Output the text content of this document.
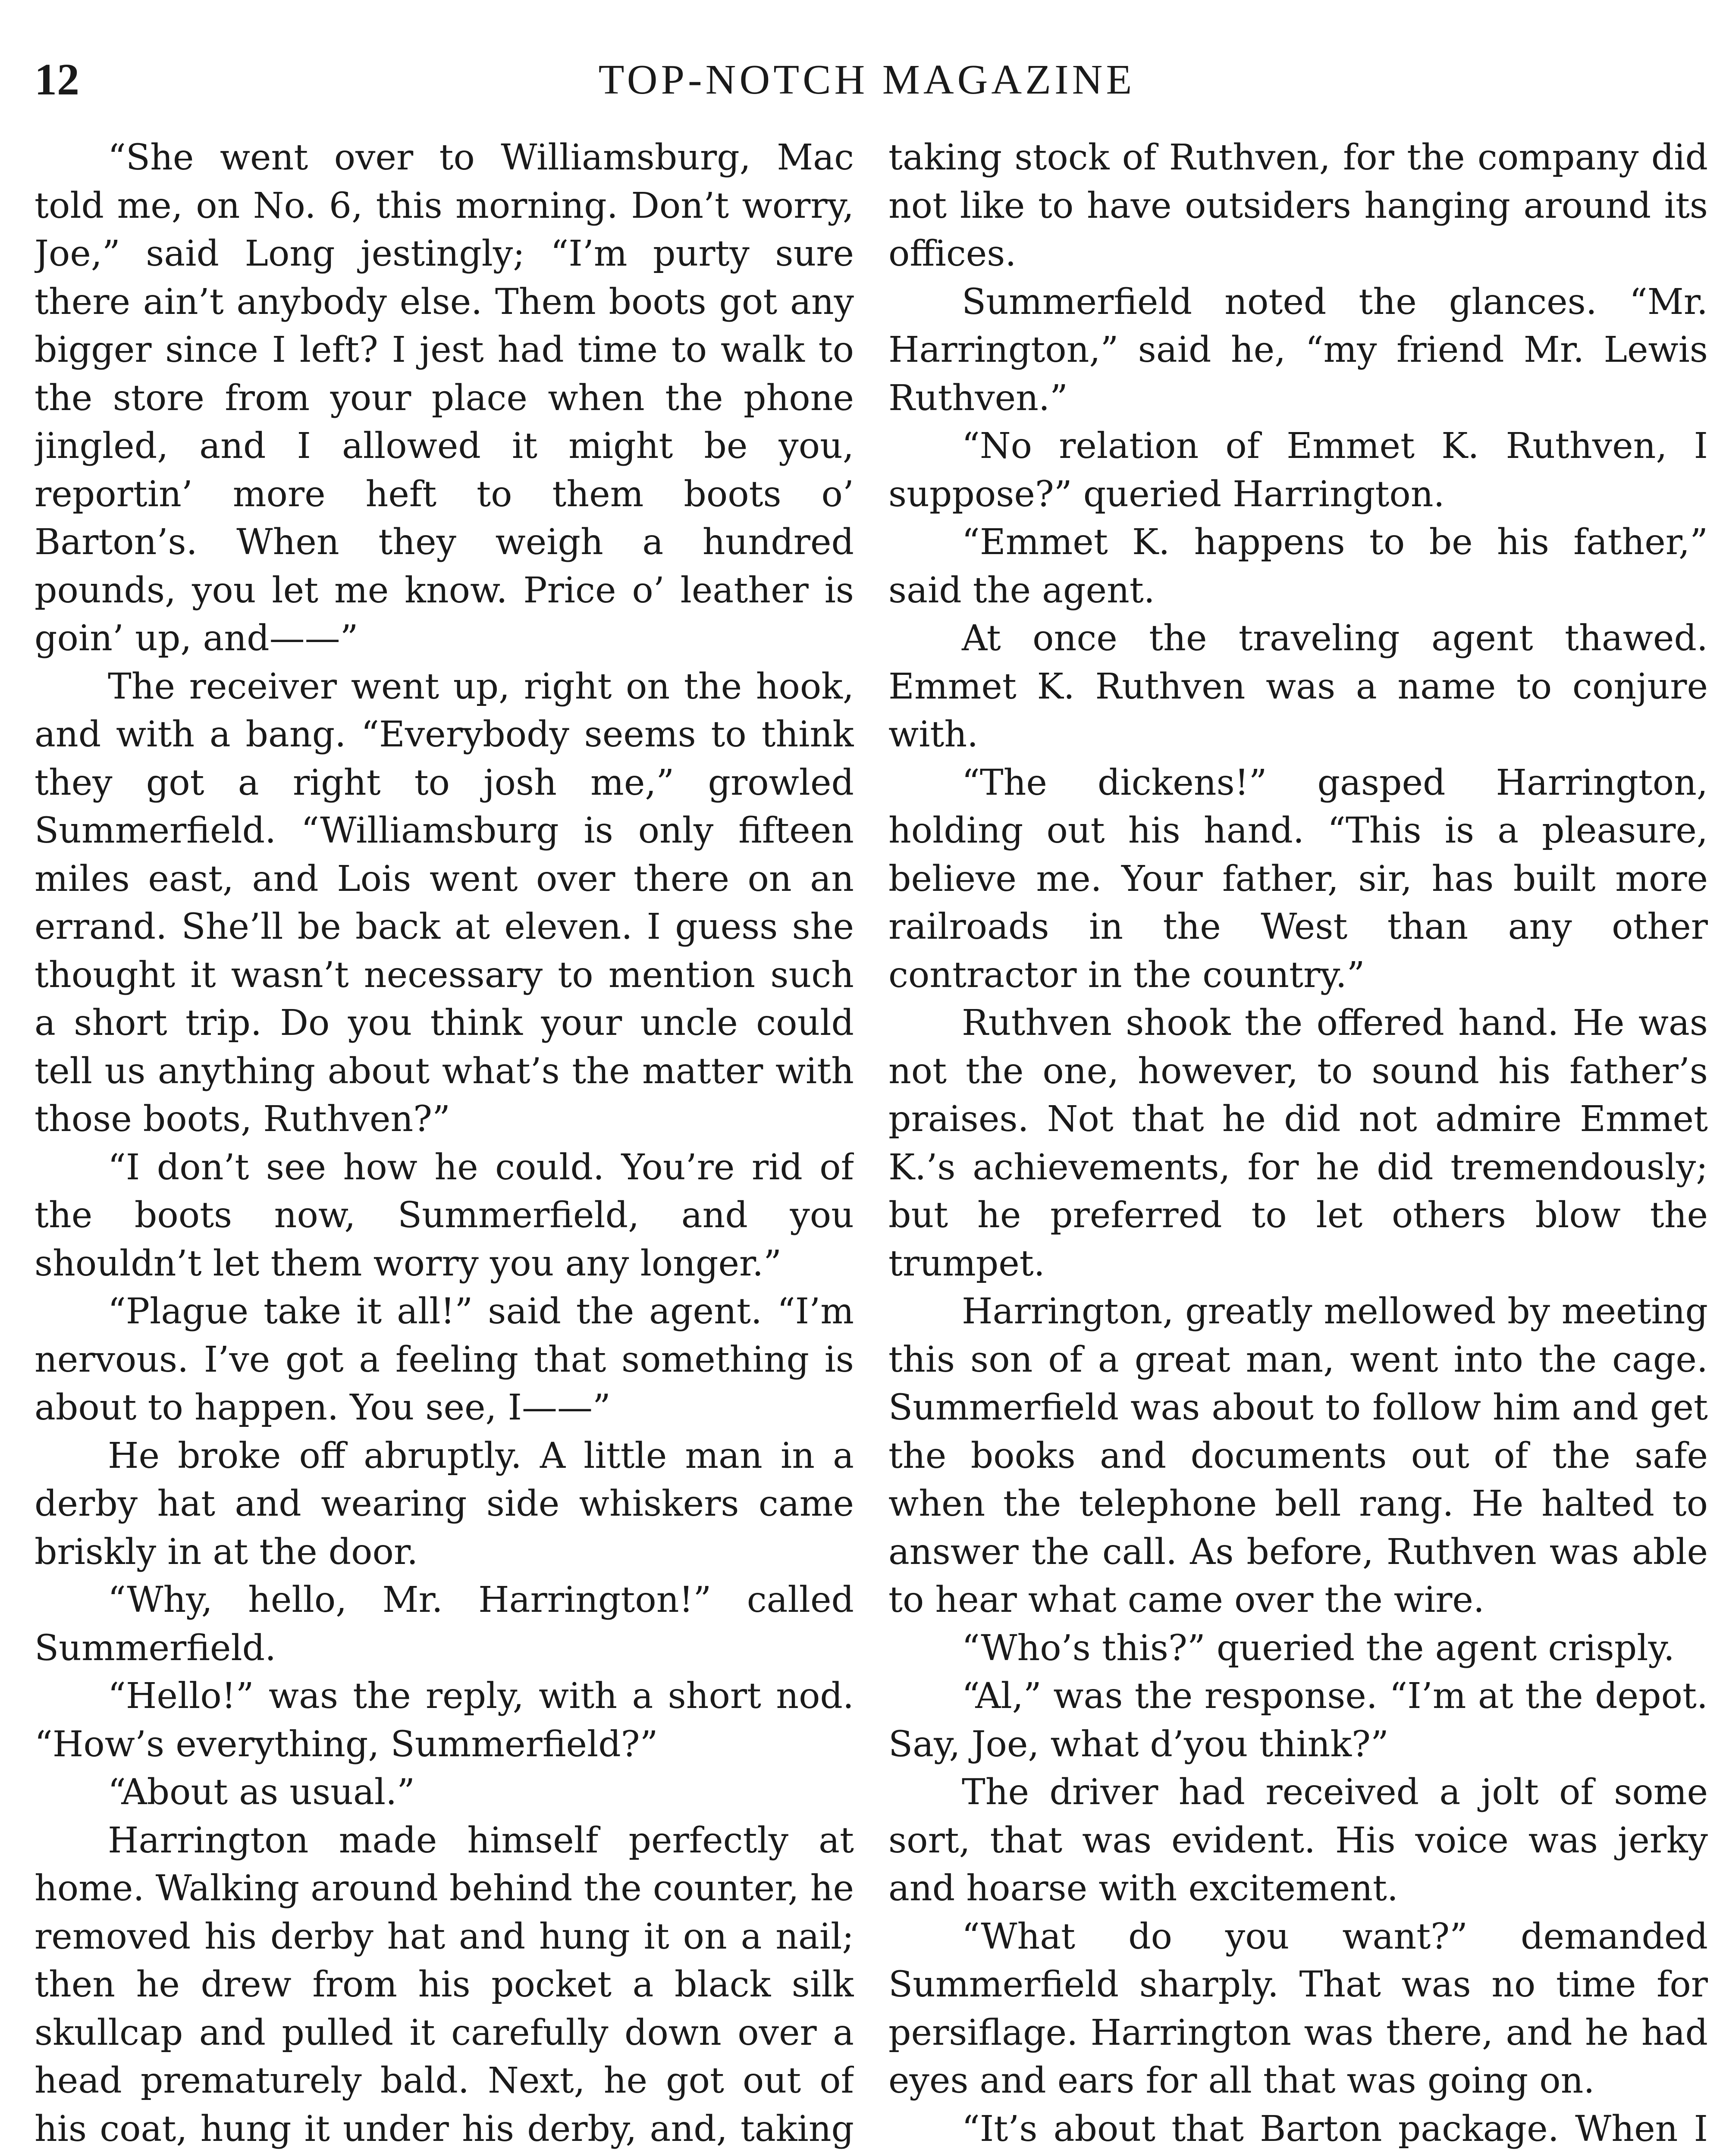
12	TOP-NOTCH MAGAZINE

“She went over to Williamsburg, Mac told me, on No. 6, this morning. Don’t worry, Joe,” said Long jestingly; “I’m purty sure there ain’t anybody else. Them boots got any bigger since I left? I jest had time to walk to the store from your place when the phone jingled, and I allowed it might be you, reportin’ more heft to them boots o’ Barton’s. When they weigh a hundred pounds, you let me know. Price o’ leather is goin’ up, and——”

The receiver went up, right on the hook, and with a bang. “Everybody seems to think they got a right to josh me,” growled Summerfield. “Williamsburg is only fifteen miles east, and Lois went over there on an errand. She’ll be back at eleven. I guess she thought it wasn’t necessary to mention such a short trip. Do you think your uncle could tell us anything about what’s the matter with those boots, Ruthven?”

“I don’t see how he could. You’re rid of the boots now, Summerfield, and you shouldn’t let them worry you any longer.”

“Plague take it all!” said the agent. “I’m nervous. I’ve got a feeling that something is about to happen. You see, I——”

He broke off abruptly. A little man in a derby hat and wearing side whiskers came briskly in at the door.

“Why, hello, Mr. Harrington!” called Summerfield.

“Hello!” was the reply, with a short nod. “How’s everything, Summerfield?”

“About as usual.”

Harrington made himself perfectly at home. Walking around behind the counter, he removed his derby hat and hung it on a nail; then he drew from his pocket a black silk skullcap and pulled it carefully down over a head prematurely bald. Next, he got out of his coat, hung it under his derby, and, taking

taking stock of Ruthven, for the company did not like to have outsiders hanging around its offices.

Summerfield noted the glances. “Mr. Harrington,” said he, “my friend Mr. Lewis Ruthven.”

“No relation of Emmet K. Ruthven, I suppose?” queried Harrington.

“Emmet K. happens to be his father,” said the agent.

At once the traveling agent thawed. Emmet K. Ruthven was a name to conjure with.

“The dickens!” gasped Harrington, holding out his hand. “This is a pleasure, believe me. Your father, sir, has built more railroads in the West than any other contractor in the country.”

Ruthven shook the offered hand. He was not the one, however, to sound his father’s praises. Not that he did not admire Emmet K.’s achievements, for he did tremendously; but he preferred to let others blow the trumpet.

Harrington, greatly mellowed by meeting this son of a great man, went into the cage. Summerfield was about to follow him and get the books and documents out of the safe when the telephone bell rang. He halted to answer the call. As before, Ruthven was able to hear what came over the wire.

“Who’s this?” queried the agent crisply.

“Al,” was the response. “I’m at the depot. Say, Joe, what d’you think?”

The driver had received a jolt of some sort, that was evident. His voice was jerky and hoarse with excitement.

“What do you want?” demanded Summerfield sharply. That was no time for persiflage. Harrington was there, and he had eyes and ears for all that was going on.

“It’s about that Barton package. When I
